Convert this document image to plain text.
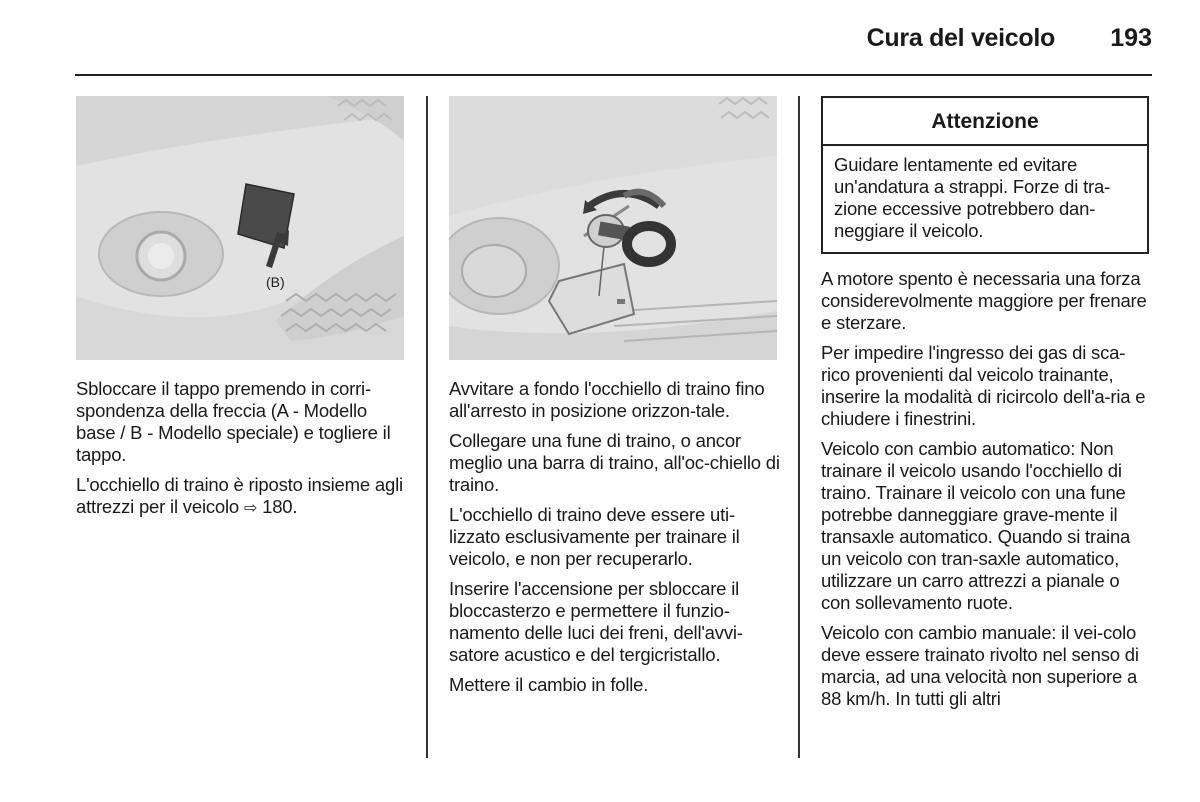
Cura del veicolo	193
(B)

Sbloccare il tappo premendo in corri-spondenza della freccia (A - Modello base / B - Modello speciale) e togliere il tappo.

L'occhiello di traino è riposto insieme agli attrezzi per il veicolo ⇨ 180.

Avvitare a fondo l'occhiello di traino fino all'arresto in posizione orizzon-tale.

Collegare una fune di traino, o ancor meglio una barra di traino, all'oc-chiello di traino.

L'occhiello di traino deve essere uti-lizzato esclusivamente per trainare il veicolo, e non per recuperarlo.

Inserire l'accensione per sbloccare il bloccasterzo e permettere il funzio-namento delle luci dei freni, dell'avvi-satore acustico e del tergicristallo.

Mettere il cambio in folle.

Attenzione
Guidare lentamente ed evitare un'andatura a strappi. Forze di tra-zione eccessive potrebbero dan-neggiare il veicolo.

A motore spento è necessaria una forza considerevolmente maggiore per frenare e sterzare.

Per impedire l'ingresso dei gas di sca-rico provenienti dal veicolo trainante, inserire la modalità di ricircolo dell'a-ria e chiudere i finestrini.

Veicolo con cambio automatico: Non trainare il veicolo usando l'occhiello di traino. Trainare il veicolo con una fune potrebbe danneggiare grave-mente il transaxle automatico. Quando si traina un veicolo con tran-saxle automatico, utilizzare un carro attrezzi a pianale o con sollevamento ruote.

Veicolo con cambio manuale: il vei-colo deve essere trainato rivolto nel senso di marcia, ad una velocità non superiore a 88 km/h. In tutti gli altri
